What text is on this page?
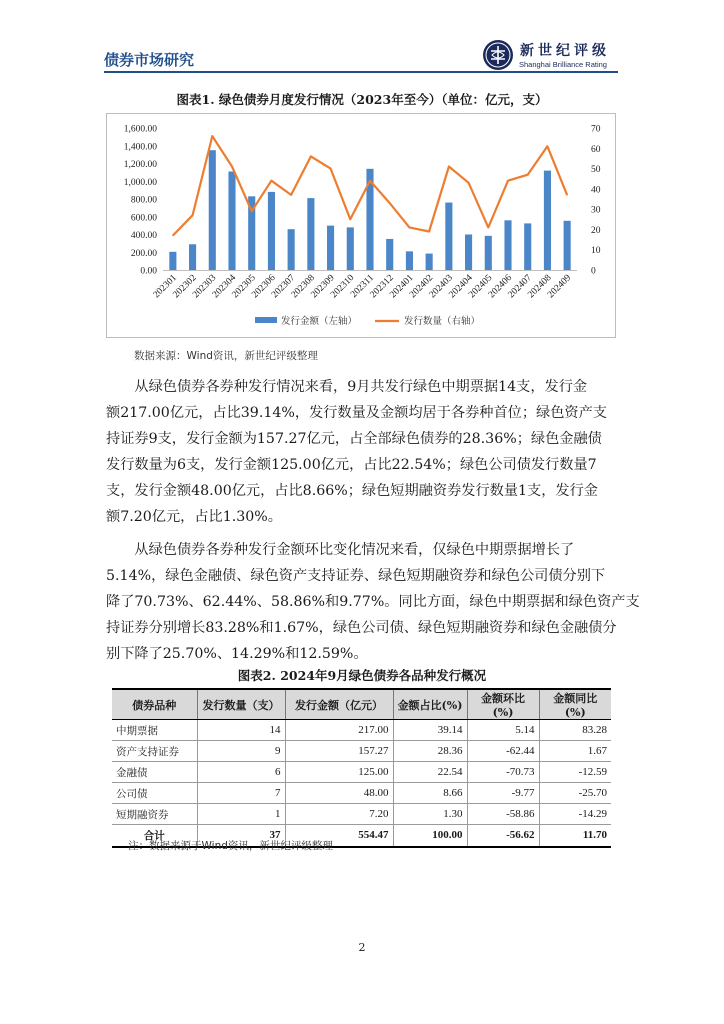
债券市场研究	新世纪评级
Shanghai Brilliance Rating
图表1. 绿色债券月度发行情况（2023年至今）（单位：亿元，支）
0.00
200.00
400.00
600.00
800.00
1,000.00
1,200.00
1,400.00
1,600.00
0
10
20
30
40
50
60
70
202301
202302
202303
202304
202305
202306
202307
202308
202309
202310
202311
202312
202401
202402
202403
202404
202405
202406
202407
202408
202409
发行金额（左轴）	发行数量（右轴）
数据来源：Wind资讯，新世纪评级整理
从绿色债券各券种发行情况来看，9月共发行绿色中期票据14支，发行金
额217.00亿元，占比39.14%，发行数量及金额均居于各券种首位；绿色资产支
持证券9支，发行金额为157.27亿元，占全部绿色债券的28.36%；绿色金融债
发行数量为6支，发行金额125.00亿元，占比22.54%；绿色公司债发行数量7
支，发行金额48.00亿元，占比8.66%；绿色短期融资券发行数量1支，发行金
额7.20亿元，占比1.30%。
从绿色债券各券种发行金额环比变化情况来看，仅绿色中期票据增长了
5.14%，绿色金融债、绿色资产支持证券、绿色短期融资券和绿色公司债分别下
降了70.73%、62.44%、58.86%和9.77%。同比方面，绿色中期票据和绿色资产支
持证券分别增长83.28%和1.67%，绿色公司债、绿色短期融资券和绿色金融债分
别下降了25.70%、14.29%和12.59%。
图表2. 2024年9月绿色债券各品种发行概况
债券品种	发行数量（支）	发行金额（亿元）	金额占比(%)	金额环比(%)	金额同比(%)
中期票据	14	217.00	39.14	5.14	83.28
资产支持证券	9	157.27	28.36	-62.44	1.67
金融债	6	125.00	22.54	-70.73	-12.59
公司债	7	48.00	8.66	-9.77	-25.70
短期融资券	1	7.20	1.30	-58.86	-14.29
合计	37	554.47	100.00	-56.62	11.70
注：数据来源于Wind资讯，新世纪评级整理
2
